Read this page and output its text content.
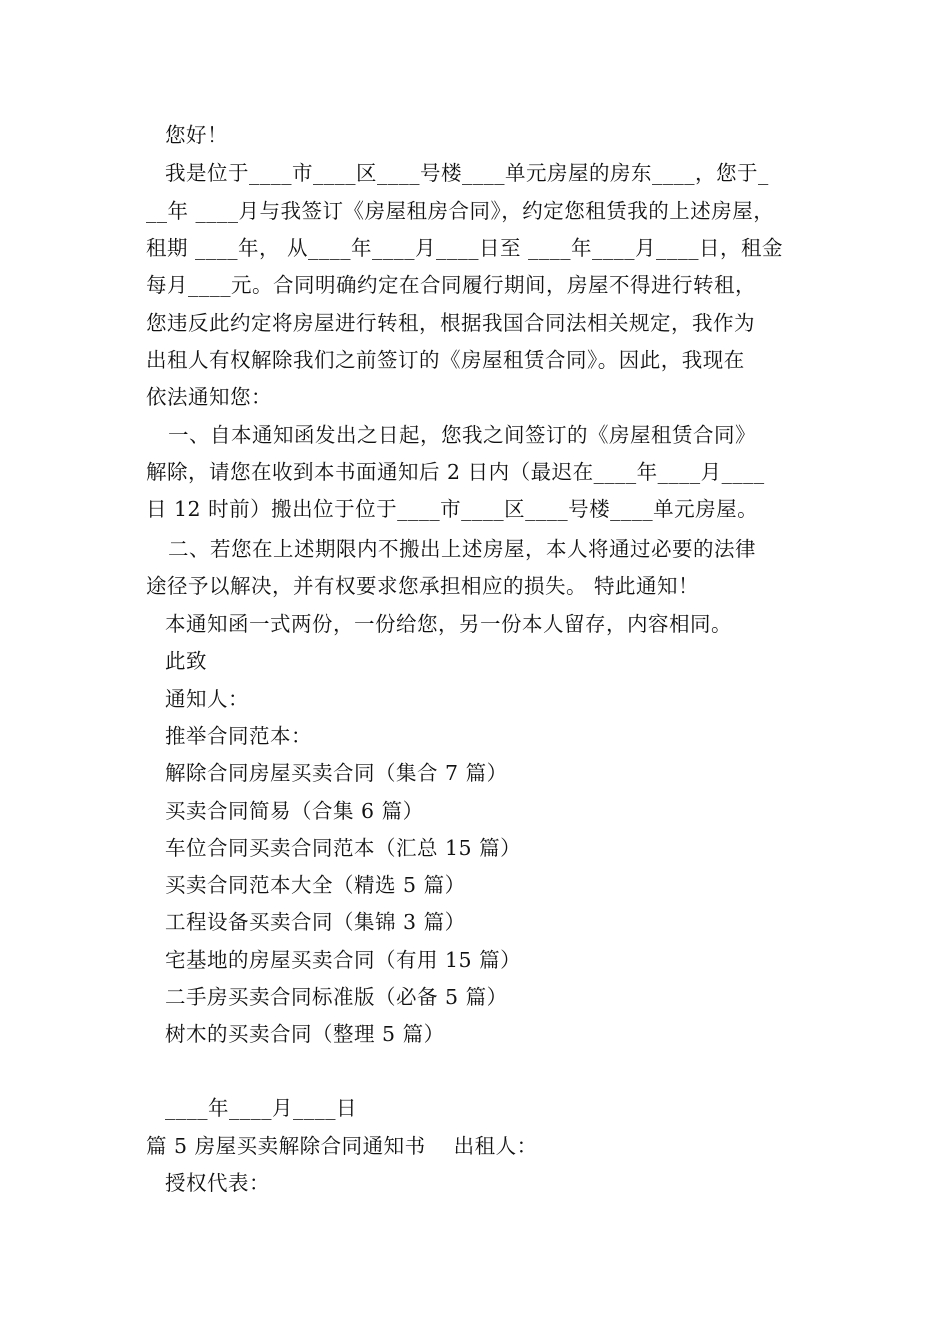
您好！
我是位于____市____区____号楼____单元房屋的房东____，您于_
__年 ____月与我签订《房屋租房合同》，约定您租赁我的上述房屋，
租期 ____年， 从____年____月____日至 ____年____月____日，租金
每月____元。合同明确约定在合同履行期间，房屋不得进行转租，
您违反此约定将房屋进行转租，根据我国合同法相关规定，我作为
出租人有权解除我们之前签订的《房屋租赁合同》。因此，我现在
依法通知您：
一、自本通知函发出之日起，您我之间签订的《房屋租赁合同》
解除，请您在收到本书面通知后 2 日内（最迟在____年____月____
日 12 时前）搬出位于位于____市____区____号楼____单元房屋。
二、若您在上述期限内不搬出上述房屋，本人将通过必要的法律
途径予以解决，并有权要求您承担相应的损失。 特此通知！
本通知函一式两份，一份给您，另一份本人留存，内容相同。
此致
通知人：
推举合同范本：
解除合同房屋买卖合同（集合 7 篇）
买卖合同简易（合集 6 篇）
车位合同买卖合同范本（汇总 15 篇）
买卖合同范本大全（精选 5 篇）
工程设备买卖合同（集锦 3 篇）
宅基地的房屋买卖合同（有用 15 篇）
二手房买卖合同标准版（必备 5 篇）
树木的买卖合同（整理 5 篇）
____年____月____日
篇 5 房屋买卖解除合同通知书    出租人：
授权代表：
